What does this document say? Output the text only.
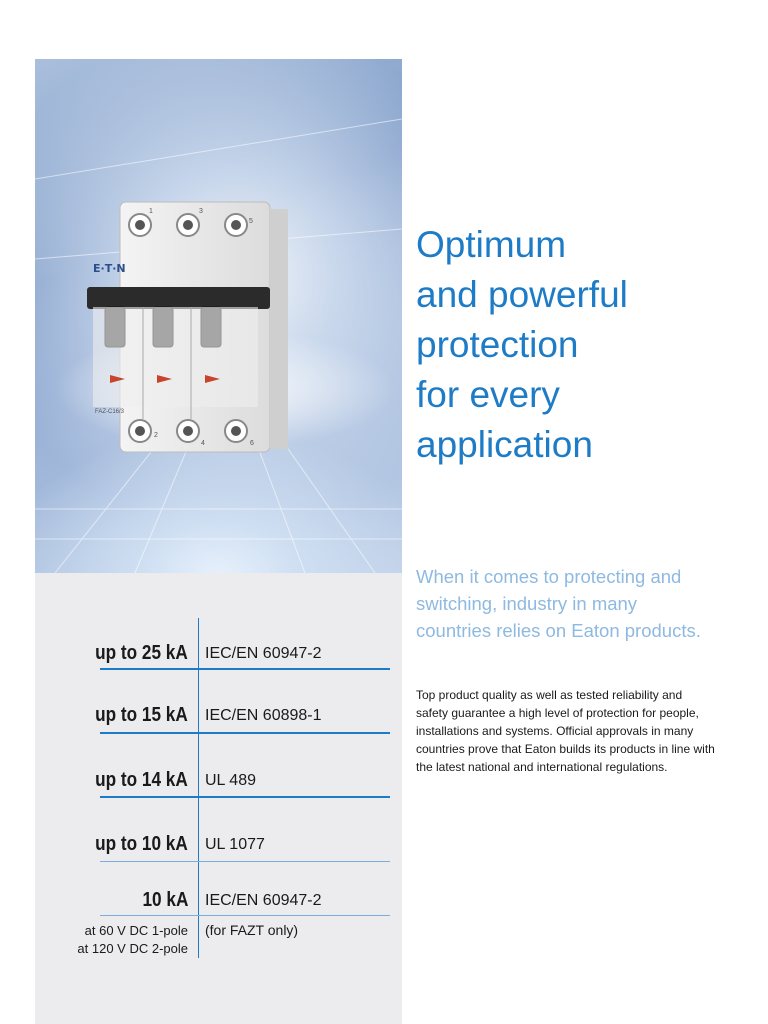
E·T·N
1	3
5
2
4	6
FAZ-C16/3
Optimum
and powerful
protection
for every
application

When it comes to protecting and switching, industry in many countries relies on Eaton products.

Top product quality as well as tested reliability and safety guarantee a high level of protection for people, installations and systems. Official approvals in many countries prove that Eaton builds its products in line with the latest national and international regulations.

up to 25 kA IEC/EN 60947-2
up to 15 kA IEC/EN 60898-1
up to 14 kA UL 489
up to 10 kA UL 1077
10 kA IEC/EN 60947-2
at 60 V DC 1-pole
at 120 V DC 2-pole
(for FAZT only)
